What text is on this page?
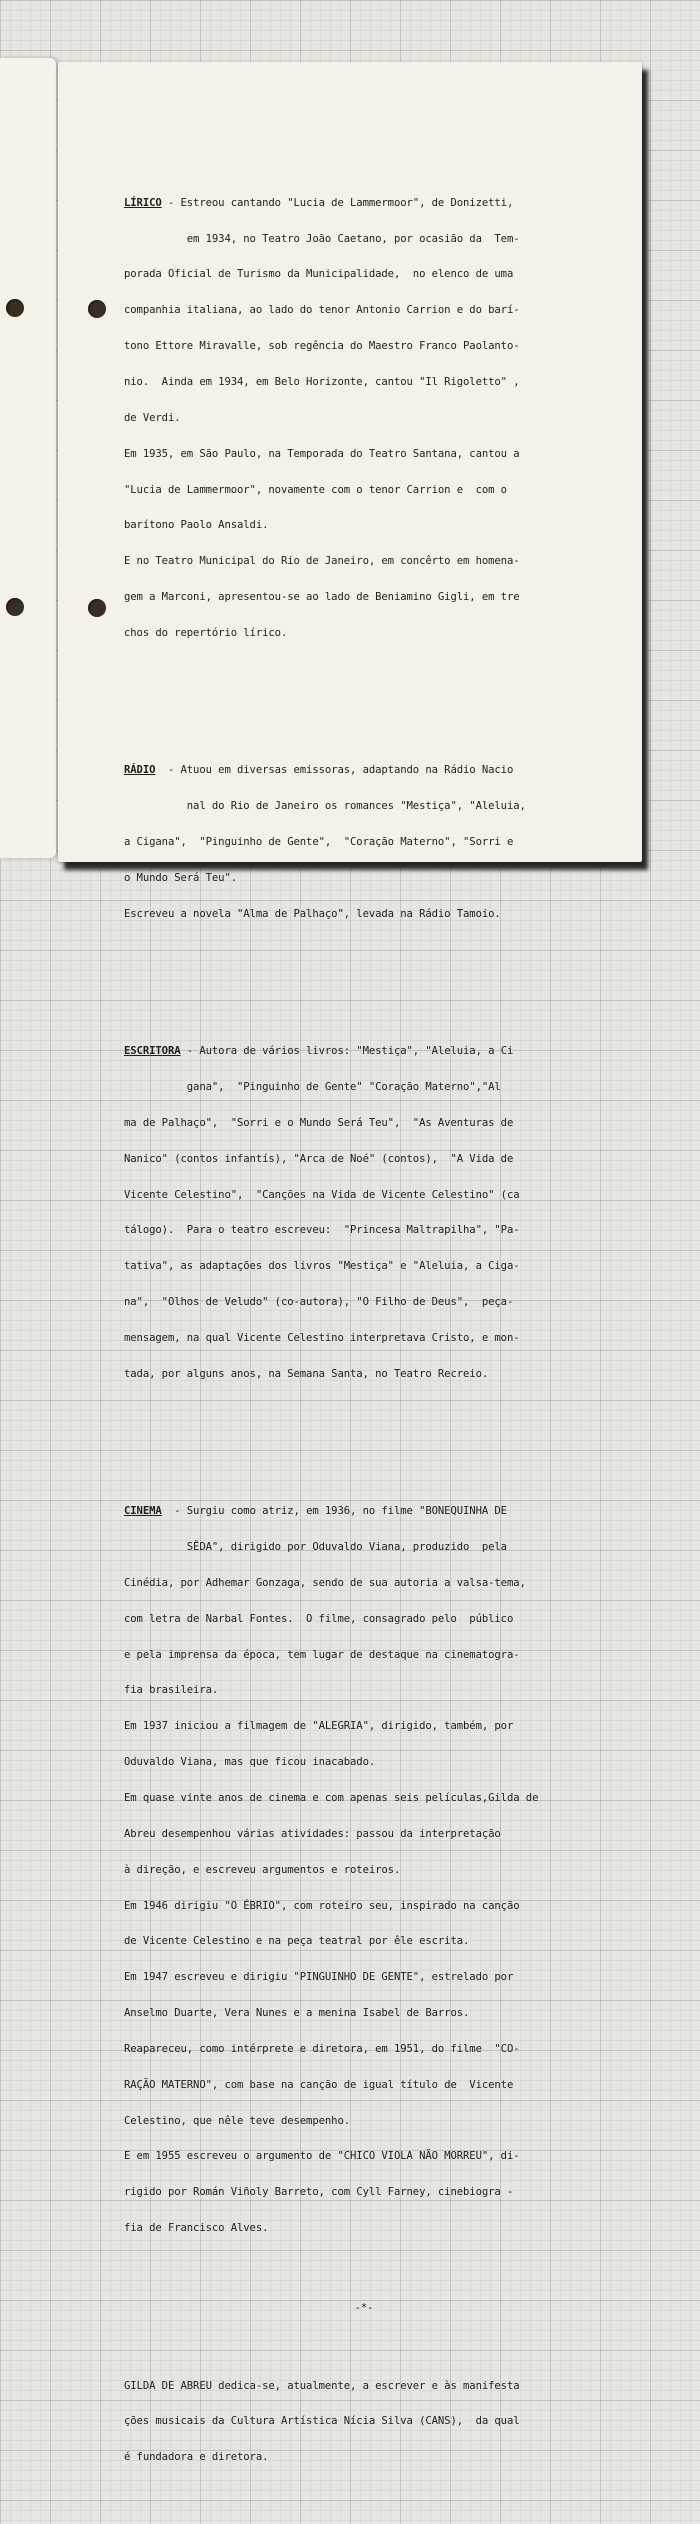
LÍRICO - Estreou cantando "Lucia de Lammermoor", de Donizetti,

em 1934, no Teatro João Caetano, por ocasião da  Tem-

porada Oficial de Turismo da Municipalidade,  no elenco de uma

companhia italiana, ao lado do tenor Antonio Carrion e do barí-

tono Ettore Miravalle, sob regência do Maestro Franco Paolanto-

nio.  Ainda em 1934, em Belo Horizonte, cantou "Il Rigoletto" ,

de Verdi.

Em 1935, em São Paulo, na Temporada do Teatro Santana, cantou a

"Lucia de Lammermoor", novamente com o tenor Carrion e  com o

barítono Paolo Ansaldi.

E no Teatro Municipal do Rio de Janeiro, em concêrto em homena-

gem a Marconi, apresentou-se ao lado de Beniamino Gigli, em tre

chos do repertório lírico.

RÁDIO  - Atuou em diversas emissoras, adaptando na Rádio Nacio

nal do Rio de Janeiro os romances "Mestiça", "Aleluia,

a Cigana",  "Pinguinho de Gente",  "Coração Materno", "Sorri e

o Mundo Será Teu".

Escreveu a novela "Alma de Palhaço", levada na Rádio Tamoio.

ESCRITORA - Autora de vários livros: "Mestiça", "Aleluia, a Ci

gana",  "Pinguinho de Gente" "Coração Materno","Al

ma de Palhaço",  "Sorri e o Mundo Será Teu",  "As Aventuras de

Nanico" (contos infantís), "Arca de Noé" (contos),  "A Vida de

Vicente Celestino",  "Canções na Vida de Vicente Celestino" (ca

tálogo).  Para o teatro escreveu:  "Princesa Maltrapilha", "Pa-

tativa", as adaptações dos livros "Mestiça" e "Aleluia, a Ciga-

na",  "Olhos de Veludo" (co-autora), "O Filho de Deus",  peça-

mensagem, na qual Vicente Celestino interpretava Cristo, e mon-

tada, por alguns anos, na Semana Santa, no Teatro Recreio.

CINEMA  - Surgiu como atriz, em 1936, no filme "BONEQUINHA DE

SÊDA", dirigido por Oduvaldo Viana, produzido  pela

Cinédia, por Adhemar Gonzaga, sendo de sua autoria a valsa-tema,

com letra de Narbal Fontes.  O filme, consagrado pelo  público

e pela imprensa da época, tem lugar de destaque na cinematogra-

fia brasileira.

Em 1937 iniciou a filmagem de "ALEGRIA", dirigido, também, por

Oduvaldo Viana, mas que ficou inacabado.

Em quase vinte anos de cinema e com apenas seis películas,Gilda de

Abreu desempenhou várias atividades: passou da interpretação

à direção, e escreveu argumentos e roteiros.

Em 1946 dirigiu "O ÉBRIO", com roteiro seu, inspirado na canção

de Vicente Celestino e na peça teatral por êle escrita.

Em 1947 escreveu e dirigiu "PINGUINHO DE GENTE", estrelado por

Anselmo Duarte, Vera Nunes e a menina Isabel de Barros.

Reapareceu, como intérprete e diretora, em 1951, do filme  "CO-

RAÇÃO MATERNO", com base na canção de igual título de  Vicente

Celestino, que nêle teve desempenho.

E em 1955 escreveu o argumento de "CHICO VIOLA NÃO MORREU", di-

rigido por Román Viñoly Barreto, com Cyll Farney, cinebiogra -

fia de Francisco Alves.

-*-

GILDA DE ABREU dedica-se, atualmente, a escrever e às manifesta

ções musicais da Cultura Artística Nícia Silva (CANS),  da qual

é fundadora e diretora.
